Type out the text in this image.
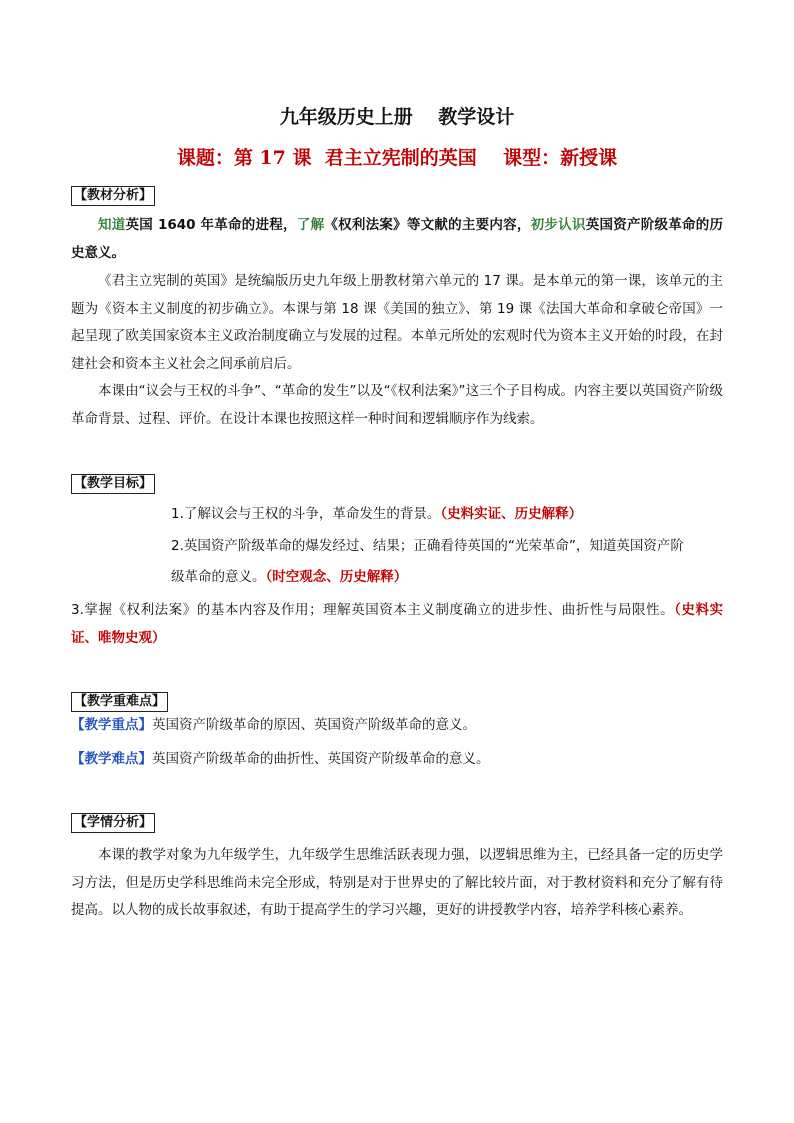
九年级历史上册　 教学设计
课题：第 17 课  君主立宪制的英国    课型：新授课
【教材分析】
知道英国 1640 年革命的进程，了解《权利法案》等文献的主要内容，初步认识英国资产阶级革命的历史意义。
《君主立宪制的英国》是统编版历史九年级上册教材第六单元的 17 课。是本单元的第一课，该单元的主题为《资本主义制度的初步确立》。本课与第 18 课《美国的独立》、第 19 课《法国大革命和拿破仑帝国》一起呈现了欧美国家资本主义政治制度确立与发展的过程。本单元所处的宏观时代为资本主义开始的时段，在封建社会和资本主义社会之间承前启后。
本课由“议会与王权的斗争”、“革命的发生”以及“《权利法案》”这三个子目构成。内容主要以英国资产阶级革命背景、过程、评价。在设计本课也按照这样一种时间和逻辑顺序作为线索。
【教学目标】
1.了解议会与王权的斗争，革命发生的背景。（史料实证、历史解释）
2.英国资产阶级革命的爆发经过、结果；正确看待英国的“光荣革命”，知道英国资产阶
级革命的意义。（时空观念、历史解释）
3.掌握《权利法案》的基本内容及作用；理解英国资本主义制度确立的进步性、曲折性与局限性。（史料实证、唯物史观）
【教学重难点】
【教学重点】英国资产阶级革命的原因、英国资产阶级革命的意义。
【教学难点】英国资产阶级革命的曲折性、英国资产阶级革命的意义。
【学情分析】
本课的教学对象为九年级学生，九年级学生思维活跃表现力强，以逻辑思维为主，已经具备一定的历史学习方法，但是历史学科思维尚未完全形成，特别是对于世界史的了解比较片面，对于教材资料和充分了解有待提高。以人物的成长故事叙述，有助于提高学生的学习兴趣，更好的讲授教学内容，培养学科核心素养。
